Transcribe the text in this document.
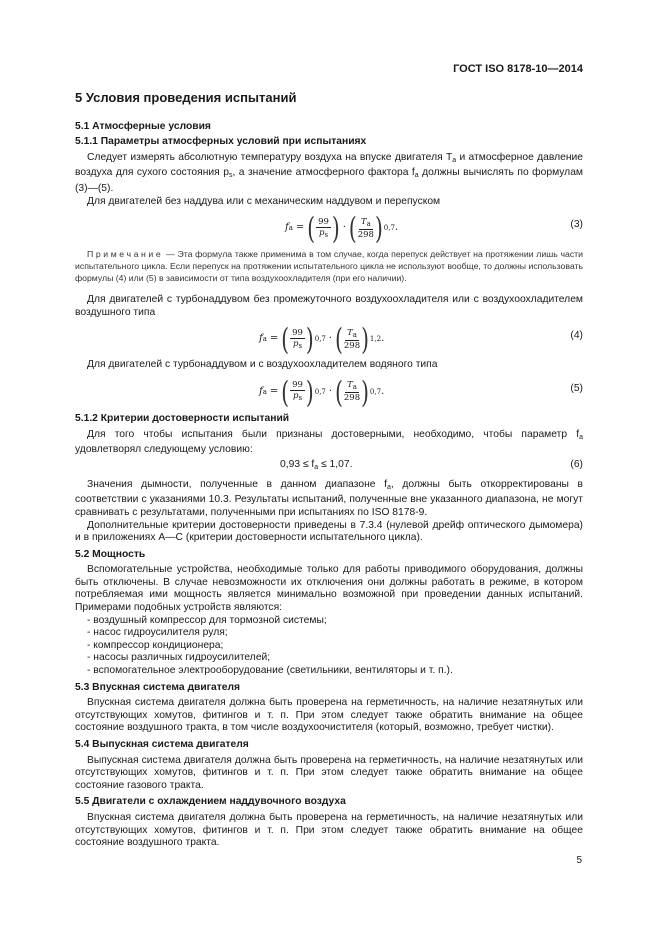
ГОСТ ISO 8178-10—2014
5 Условия проведения испытаний
5.1 Атмосферные условия
5.1.1 Параметры атмосферных условий при испытаниях

Следует измерять абсолютную температуру воздуха на впуске двигателя $T_a$ и атмосферное давление воздуха для сухого состояния $p_s$, а значение атмосферного фактора $f_a$ должны вычислять по формулам (3)—(5).

Для двигателей без наддува или с механическим наддувом и перепуском

f a = ( $\frac{99}{p_s}$ ) · ( $\frac{T_a}{298}$ ) 0,7 .	(3)

Примечание — Эта формула также применима в том случае, когда перепуск действует на протяжении лишь части испытательного цикла. Если перепуск на протяжении испытательного цикла не используют вообще, то должны использовать формулы (4) или (5) в зависимости от типа воздухоохладителя (при его наличии).

Для двигателей с турбонаддувом без промежуточного воздухоохладителя или с воздухоохладителем воздушного типа

f a = ( $\frac{99}{p_s}$ ) 0,7 · ( $\frac{T_a}{298}$ ) 1,2 .	(4)

Для двигателей с турбонаддувом и с воздухоохладителем водяного типа

f a = ( $\frac{99}{p_s}$ ) 0,7 · ( $\frac{T_a}{298}$ ) 0,7 .	(5)
5.1.2 Критерии достоверности испытаний

Для того чтобы испытания были признаны достоверными, необходимо, чтобы параметр $f_a$ удовлетворял следующему условию:

$0,93 \le f_a \le 1,07$.	(6)

Значения дымности, полученные в данном диапазоне $f_a$, должны быть откорректированы в соответствии с указаниями 10.3. Результаты испытаний, полученные вне указанного диапазона, не могут сравнивать с результатами, полученными при испытаниях по ISO 8178-9.

Дополнительные критерии достоверности приведены в 7.3.4 (нулевой дрейф оптического дымомера) и в приложениях А—С (критерии достоверности испытательного цикла).

5.2 Мощность

Вспомогательные устройства, необходимые только для работы приводимого оборудования, должны быть отключены. В случае невозможности их отключения они должны работать в режиме, в котором потребляемая ими мощность является минимально возможной при проведении данных испытаний. Примерами подобных устройств являются:

- воздушный компрессор для тормозной системы;
- насос гидроусилителя руля;
- компрессор кондиционера;
- насосы различных гидроусилителей;
- вспомогательное электрооборудование (светильники, вентиляторы и т. п.).
5.3 Впускная система двигателя

Впускная система двигателя должна быть проверена на герметичность, на наличие незатянутых или отсутствующих хомутов, фитингов и т. п. При этом следует также обратить внимание на общее состояние воздушного тракта, в том числе воздухоочистителя (который, возможно, требует чистки).

5.4 Выпускная система двигателя

Выпускная система двигателя должна быть проверена на герметичность, на наличие незатянутых или отсутствующих хомутов, фитингов и т. п. При этом следует также обратить внимание на общее состояние газового тракта.

5.5 Двигатели с охлаждением наддувочного воздуха

Впускная система двигателя должна быть проверена на герметичность, на наличие незатянутых или отсутствующих хомутов, фитингов и т. п. При этом следует также обратить внимание на общее состояние воздушного тракта.

5
